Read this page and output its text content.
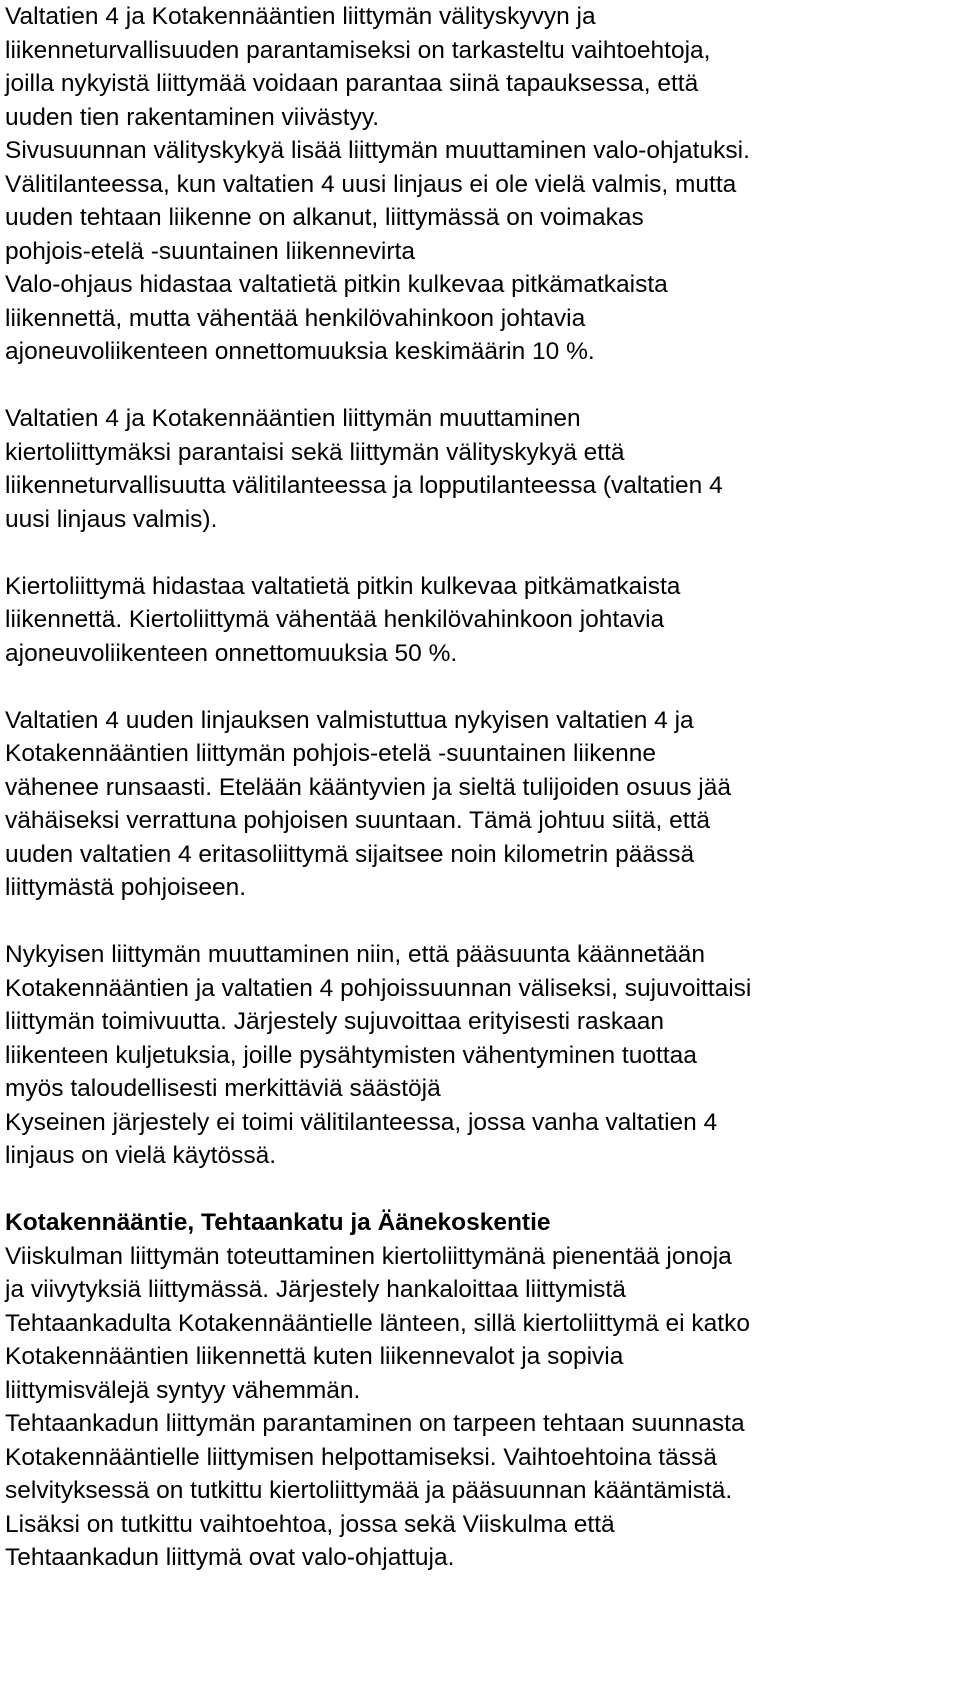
Valtatien 4 ja Kotakennääntien liittymän välityskyvyn ja
liikenneturvallisuuden parantamiseksi on tarkasteltu vaihtoehtoja,
joilla nykyistä liittymää voidaan parantaa siinä tapauksessa, että
uuden tien rakentaminen viivästyy.
Sivusuunnan välityskykyä lisää liittymän muuttaminen valo-ohjatuksi.
Välitilanteessa, kun valtatien 4 uusi linjaus ei ole vielä valmis, mutta
uuden tehtaan liikenne on alkanut, liittymässä on voimakas
pohjois-etelä -suuntainen liikennevirta
Valo-ohjaus hidastaa valtatietä pitkin kulkevaa pitkämatkaista
liikennettä, mutta vähentää henkilövahinkoon johtavia
ajoneuvoliikenteen onnettomuuksia keskimäärin 10 %.

Valtatien 4 ja Kotakennääntien liittymän muuttaminen
kiertoliittymäksi parantaisi sekä liittymän välityskykyä että
liikenneturvallisuutta välitilanteessa ja lopputilanteessa (valtatien 4
uusi linjaus valmis).

Kiertoliittymä hidastaa valtatietä pitkin kulkevaa pitkämatkaista
liikennettä. Kiertoliittymä vähentää henkilövahinkoon johtavia
ajoneuvoliikenteen onnettomuuksia 50 %.

Valtatien 4 uuden linjauksen valmistuttua nykyisen valtatien 4 ja
Kotakennääntien liittymän pohjois-etelä -suuntainen liikenne
vähenee runsaasti. Etelään kääntyvien ja sieltä tulijoiden osuus jää
vähäiseksi verrattuna pohjoisen suuntaan. Tämä johtuu siitä, että
uuden valtatien 4 eritasoliittymä sijaitsee noin kilometrin päässä
liittymästä pohjoiseen.

Nykyisen liittymän muuttaminen niin, että pääsuunta käännetään
Kotakennääntien ja valtatien 4 pohjoissuunnan väliseksi, sujuvoittaisi
liittymän toimivuutta. Järjestely sujuvoittaa erityisesti raskaan
liikenteen kuljetuksia, joille pysähtymisten vähentyminen tuottaa
myös taloudellisesti merkittäviä säästöjä
Kyseinen järjestely ei toimi välitilanteessa, jossa vanha valtatien 4
linjaus on vielä käytössä.

Kotakennääntie, Tehtaankatu ja Äänekoskentie
Viiskulman liittymän toteuttaminen kiertoliittymänä pienentää jonoja
ja viivytyksiä liittymässä. Järjestely hankaloittaa liittymistä
Tehtaankadulta Kotakennääntielle länteen, sillä kiertoliittymä ei katko
Kotakennääntien liikennettä kuten liikennevalot ja sopivia
liittymisvälejä syntyy vähemmän.
Tehtaankadun liittymän parantaminen on tarpeen tehtaan suunnasta
Kotakennääntielle liittymisen helpottamiseksi. Vaihtoehtoina tässä
selvityksessä on tutkittu kiertoliittymää ja pääsuunnan kääntämistä.
Lisäksi on tutkittu vaihtoehtoa, jossa sekä Viiskulma että
Tehtaankadun liittymä ovat valo-ohjattuja.
